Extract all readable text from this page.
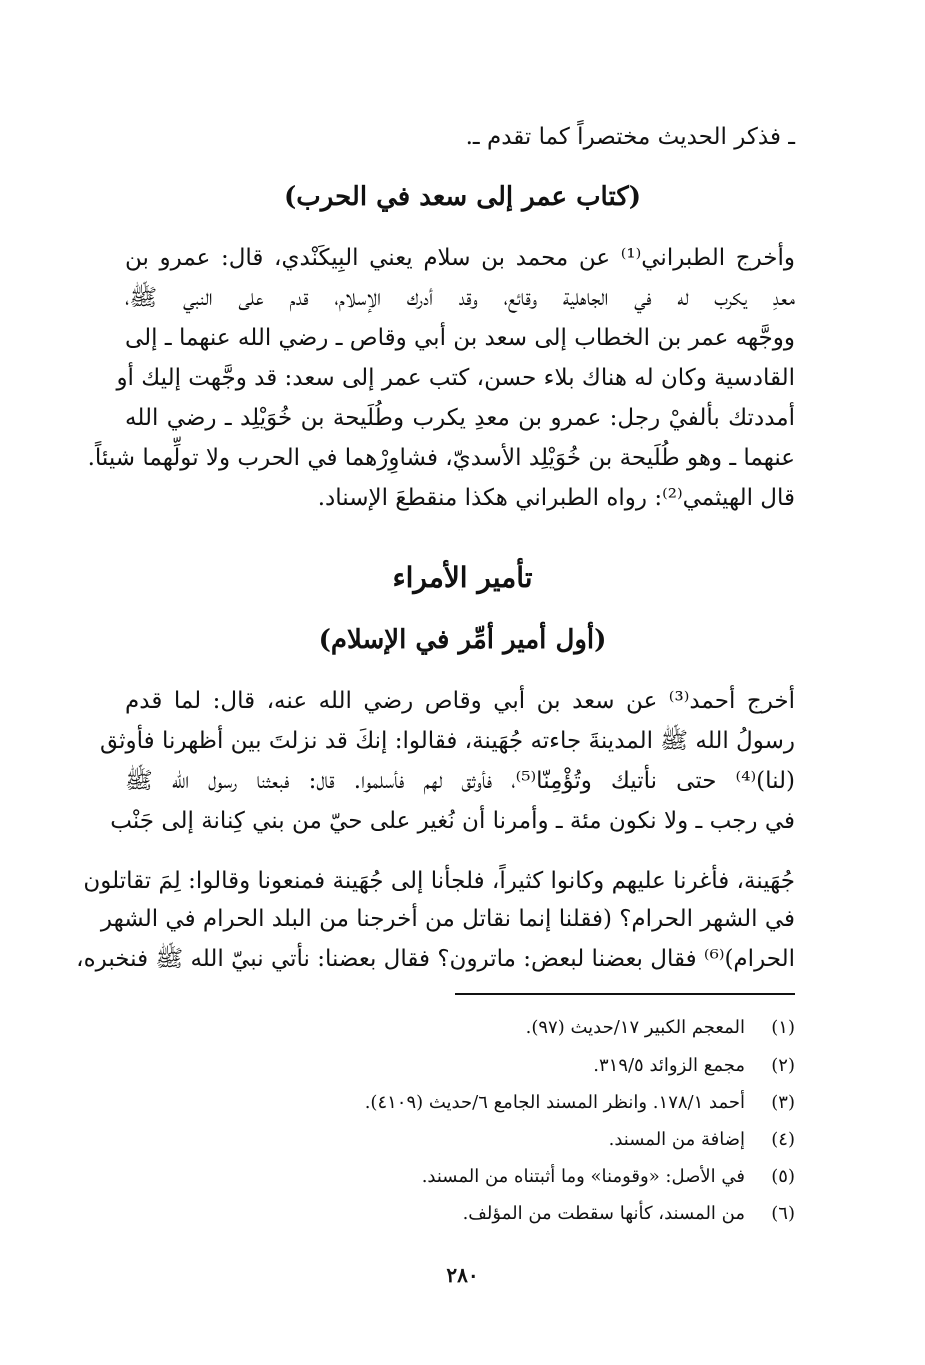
ـ فذكر الحديث مختصراً كما تقدم ـ.
(كتاب عمر إلى سعد في الحرب)
وأخرج الطبراني⁽¹⁾ عن محمد بن سلام يعني البِيكَنْدي، قال: عمرو بن
معدِ يكرب له في الجاهلية وقائع، وقد أدرك الإسلام، قدم على النبي ﷺ،
ووجَّهه عمر بن الخطاب إلى سعد بن أبي وقاص ـ رضي الله عنهما ـ إلى
القادسية وكان له هناك بلاء حسن، كتب عمر إلى سعد: قد وجَّهت إليك أو
أمددتك بألفيْ رجل: عمرو بن معدِ يكرب وطُلَيحة بن خُوَيْلِد ـ رضي الله
عنهما ـ وهو طُلَيحة بن خُوَيْلِد الأسديّ، فشاوِرْهما في الحرب ولا تولِّهما شيئاً.
قال الهيثمي⁽²⁾: رواه الطبراني هكذا منقطعَ الإسناد.
تأمير الأمراء
(أول أمير أمِّر في الإسلام)
أخرج أحمد⁽³⁾ عن سعد بن أبي وقاص رضي الله عنه، قال: لما قدم
رسولُ الله ﷺ المدينةَ جاءته جُهَينة، فقالوا: إنكَ قد نزلتَ بين أظهرنا فأوثق
(لنا)⁽⁴⁾ حتى نأتيك وتُؤْمِنّا⁽⁵⁾، فأوثق لهم فأسلموا. قال: فبعثنا رسول الله ﷺ
في رجب ـ ولا نكون مئة ـ وأمرنا أن نُغير على حيّ من بني كِنانة إلى جَنْب
جُهَينة، فأغرنا عليهم وكانوا كثيراً، فلجأنا إلى جُهَينة فمنعونا وقالوا: لِمَ تقاتلون
في الشهر الحرام؟ (فقلنا إنما نقاتل من أخرجنا من البلد الحرام في الشهر
الحرام)⁽⁶⁾ فقال بعضنا لبعض: ماترون؟ فقال بعضنا: نأتي نبيّ الله ﷺ فنخبره،
(١)المعجم الكبير ١٧/حديث (٩٧).
(٢)مجمع الزوائد ٣١٩/٥.
(٣)أحمد ١٧٨/١. وانظر المسند الجامع ٦/حديث (٤١٠٩).
(٤)إضافة من المسند.
(٥)في الأصل: «وقومنا» وما أثبتناه من المسند.
(٦)من المسند، كأنها سقطت من المؤلف.
٢٨٠
